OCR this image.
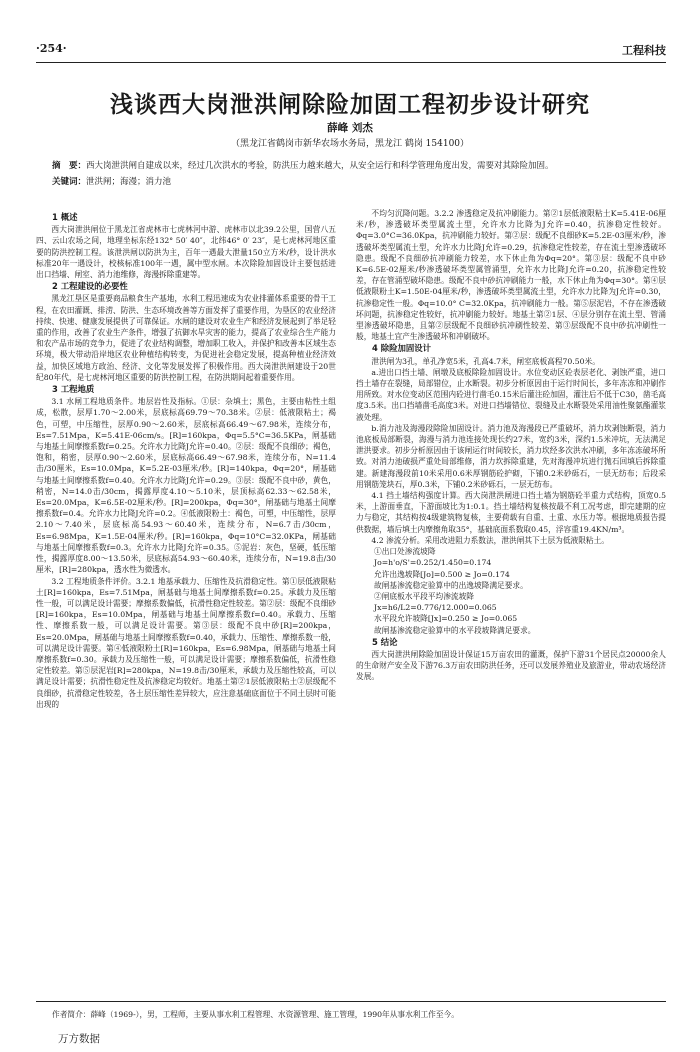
·254·	工程科技
浅谈西大岗泄洪闸除险加固工程初步设计研究
薛峰 刘杰
（黑龙江省鹤岗市新华农场水务局，黑龙江 鹤岗 154100）
摘　要：西大岗泄洪闸自建成以来，经过几次洪水的考验，防洪压力越来越大，从安全运行和科学管理角度出发，需要对其除险加固。
关键词：泄洪闸；海漫；消力池
1 概述

西大岗泄洪闸位于黑龙江省虎林市七虎林河中游、虎林市以北39.2公里，国营八五四、云山农场之间，地理坐标东经132° 50′ 40″，北纬46° 0′ 23″，是七虎林河地区重要的防洪控制工程。该泄洪闸以防洪为主，百年一遇最大泄量150立方米/秒，设计洪水标准20年一遇设计，校核标准100年一遇，属中型水闸。本次除险加固设计主要包括进出口挡墙、闸室、消力池维修，海漫拆除重建等。

2 工程建设的必要性

黑龙江垦区是重要商品粮食生产基地，水利工程迅速成为农业排灌体系重要的骨干工程，在农田灌溉、排涝、防洪、生态环境改善等方面发挥了重要作用，为垦区的农业经济持续、快速、健康发展提供了可靠保证。水闸的建设对农业生产和经济发展起到了举足轻重的作用，改善了农业生产条件，增强了抗御水旱灾害的能力，提高了农业综合生产能力和农产品市场的竞争力，促进了农业结构调整，增加职工收入，并保护和改善本区域生态环境，极大带动沿岸地区农业种植结构转变，为促进社会稳定发展，提高种植业经济效益，加快区域地方政治、经济、文化等发展发挥了积极作用。西大岗泄洪闸建设于20世纪80年代，是七虎林河地区重要的防洪控制工程，在防洪期间起着重要作用。

3 工程地质

3.1 水闸工程地质条件。地层岩性及指标。①层：杂填土；黑色，主要由粘性土组成，松散，层厚1.70～2.00米，层底标高69.79～70.38米。②层：低液限粘土；褐色，可塑，中压缩性，层厚0.90～2.60米，层底标高66.49～67.98米，连续分布，Es=7.51Mpa，K=5.41E-06cm/s。[R]=160kpa，Φq=5.5°C=36.5KPa，闸基础与地基土间摩擦系数f=0.25。允许水力比降J允许=0.40。②层：级配不良细砂；褐色，饱和，稍密，层厚0.90～2.60米，层底标高66.49～67.98米，连续分布，N=11.4击/30厘米，Es=10.0Mpa，K=5.2E-03厘米/秒。[R]=140kpa，Φq=20°，闸基础与地基土间摩擦系数f=0.40。允许水力比降J允许=0.29。③层：级配不良中砂，黄色，稍密，N=14.0击/30cm，揭露厚度4.10～5.10米，层顶标高62.33～62.58米，Es=20.0Mpa，K=6.5E-02厘米/秒。[R]=200kpa，Φq=30°，闸基础与地基土间摩擦系数f=0.4。允许水力比降J允许=0.2。④低液限粉土：褐色，可塑，中压缩性，层厚2.10～7.40米，层底标高54.93～60.40米，连续分布，N=6.7击/30cm，Es=6.98Mpa，K=1.5E-04厘米/秒。[R]=160kpa，Φq=10°C=32.0KPa，闸基础与地基土间摩擦系数f=0.3。允许水力比降J允许=0.35。⑤泥岩：灰色，坚硬，低压缩性，揭露厚度8.00～13.50米，层底标高54.93～60.40米，连续分布，N=19.8击/30厘米，[R]=280kpa，透水性为微透水。

3.2 工程地质条件评价。3.2.1 地基承载力、压缩性及抗滑稳定性。第①层低液限粘土[R]=160kpa，Es=7.51Mpa，闸基础与地基土间摩擦系数f=0.25。承载力及压缩性一般，可以满足设计需要；摩擦系数偏低，抗滑性稳定性较差。第②层：级配不良细砂[R]=160kpa，Es=10.0Mpa，闸基础与地基土间摩擦系数f=0.40。承载力、压缩性、摩擦系数一般，可以满足设计需要。第③层：级配不良中砂[R]=200kpa，Es=20.0Mpa，闸基础与地基土间摩擦系数f=0.40，承载力、压缩性、摩擦系数一般，可以满足设计需要。第④低液限粉土[R]=160kpa，Es=6.98Mpa，闸基础与地基土间摩擦系数f=0.30。承载力及压缩性一般，可以满足设计需要；摩擦系数偏低，抗滑性稳定性较差。第⑤层泥岩[R]=280kpa，N=19.8击/30厘米，承载力及压缩性较高，可以满足设计需要；抗滑性稳定性及抗渗稳定均较好。地基土第②1层低液限粘土②层级配不良细砂，抗滑稳定性较差，各土层压缩性差异较大，应注意基础底面位于不同土层时可能出现的

不均匀沉降问题。3.2.2 渗透稳定及抗冲刷能力。第②1层低液限粘土K=5.41E-06厘米/秒，渗透破坏类型属流土型，允许水力比降为J允许=0.40，抗渗稳定性较好。Φq=3.0°C=36.0Kpa，抗冲刷能力较好。第②层：级配不良细砂K=5.2E-03厘米/秒，渗透破坏类型属流土型，允许水力比降J允许=0.29，抗渗稳定性较差，存在流土型渗透破坏隐患。级配不良细砂抗冲刷能力较差，水下休止角为Φq=20°。第③层：级配不良中砂K=6.5E-02厘米/秒渗透破坏类型属管涌型，允许水力比降J允许=0.20，抗渗稳定性较差，存在管涌型破坏隐患。级配不良中砂抗冲刷能力一般，水下休止角为Φq=30°。第④层低液限粉土K=1.50E-04厘米/秒，渗透破坏类型属流土型，允许水力比降为J允许=0.30，抗渗稳定性一般。Φq=10.0° C=32.0Kpa，抗冲刷能力一般。第⑤层泥岩，不存在渗透破坏问题，抗渗稳定性较好，抗冲刷能力较好。地基土第②1层、④层分别存在流土型、管涌型渗透破坏隐患，且第②层级配不良细砂抗冲刷性较差、第③层级配不良中砂抗冲刷性一般，地基土宜产生渗透破坏和冲刷破坏。

4 除险加固设计

泄洪闸为3孔，单孔净宽5米，孔高4.7米，闸室底板高程70.50米。

a.进出口挡土墙、闸墩及底板除险加固设计。水位变动区砼表层老化、剥蚀严重，进口挡土墙存在裂缝，局部错位，止水断裂。初步分析原因由于运行时间长，多年冻冻和冲刷作用所致。对水位变动区范围内砼进行凿毛0.15米后灌注砼加固，灌注后不低于C30，凿毛高度3.5米。出口挡墙凿毛高度3米。对进口挡墙错位、裂缝及止水断裂处采用油性聚氨酯灌浆液处理。

b.消力池及海漫段除险加固设计。消力池及海漫段已严重破坏，消力坎剥蚀断裂，消力池底板局部断裂，海漫与消力池连接处现长约27米，宽约3米，深约1.5米冲坑，无法满足泄洪要求。初步分析原因由于该闸运行时间较长，消力坎经多次洪水冲刷，多年冻冻破坏所致。对消力池破损严重处局部维修，消力坎拆除重建，先对海漫冲坑进行抛石回填后拆除重建。新建海漫段前10米采用0.6米厚钢筋砼护砌，下铺0.2米砂砾石，一层无纺布；后段采用钢筋笼块石，厚0.3米，下铺0.2米砂砾石，一层无纺布。

4.1 挡土墙结构强度计算。西大岗泄洪闸进口挡土墙为钢筋砼半重力式结构，顶宽0.5米，上游面垂直，下游面坡比为1:0.1。挡土墙结构复核按最不利工况考虑，即完建期的应力与稳定，其结构按4级建筑物复核，主要荷载有自重、土重、水压力等。根据地质报告提供数据，墙后填土内摩擦角取35°，基础底面系数取0.45，浮容重19.4KN/m³。

4.2 渗流分析。采用改进阻力系数法，泄洪闸其下土层为低液限粘土。

①出口处渗流坡降
Jo=h'o/S'=0.252/1.450=0.174
允许出逸坡降[Jo]=0.500 ≥ Jo=0.174
故闸基渗流稳定验算中的出逸坡降满足要求。
②闸底板水平段平均渗流坡降
Jx=h6/L2=0.776/12.000=0.065
水平段允许坡降[Jx]=0.250 ≥ Jo=0.065
故闸基渗流稳定验算中的水平段坡降满足要求。
5 结论

西大岗泄洪闸除险加固设计保证15万亩农田的灌溉，保护下游31个居民点20000余人的生命财产安全及下游76.3万亩农田防洪任务，还可以发展养殖业及旅游业，带动农场经济发展。

作者简介：薛峰（1969-），男，工程师，主要从事水利工程管理、水资源管理、施工管理，1990年从事水利工作至今。
万方数据
